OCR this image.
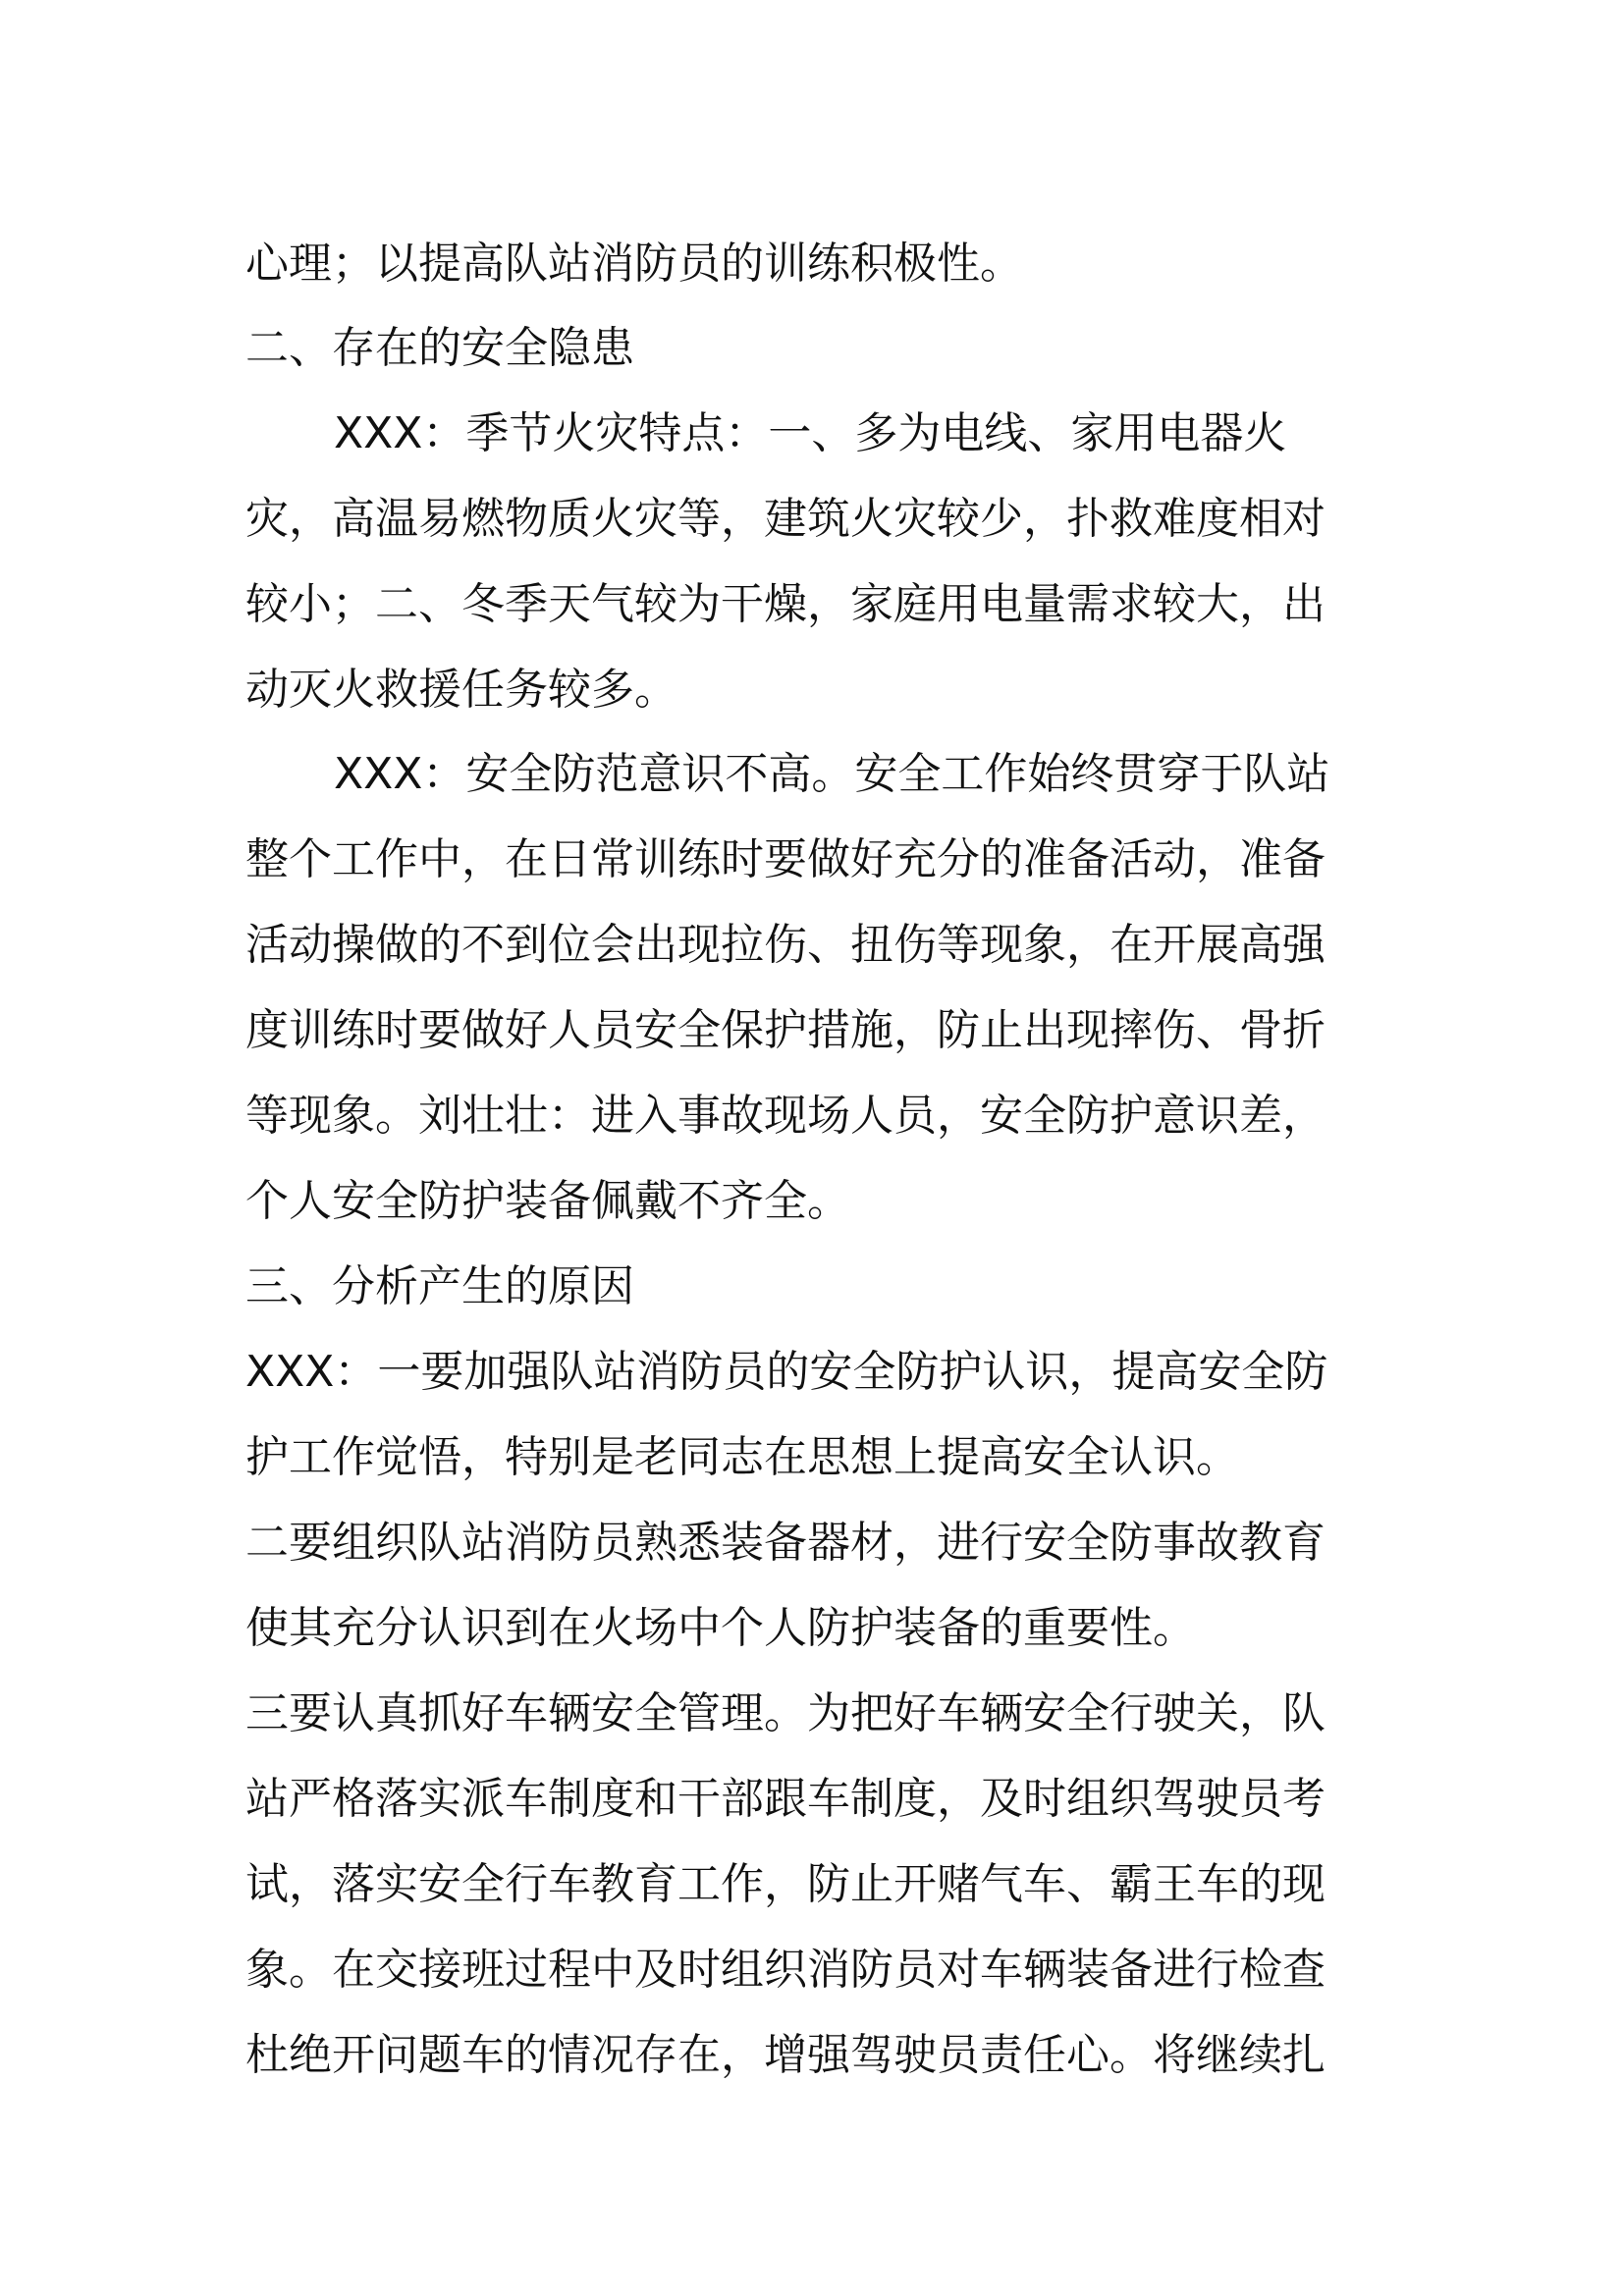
心理；以提高队站消防员的训练积极性。
二、存在的安全隐患
XXX：季节火灾特点：一、多为电线、家用电器火
灾，高温易燃物质火灾等，建筑火灾较少，扑救难度相对
较小；二、冬季天气较为干燥，家庭用电量需求较大，出
动灭火救援任务较多。
XXX：安全防范意识不高。安全工作始终贯穿于队站
整个工作中，在日常训练时要做好充分的准备活动，准备
活动操做的不到位会出现拉伤、扭伤等现象，在开展高强
度训练时要做好人员安全保护措施，防止出现摔伤、骨折
等现象。刘壮壮：进入事故现场人员，安全防护意识差，
个人安全防护装备佩戴不齐全。
三、分析产生的原因
XXX：一要加强队站消防员的安全防护认识，提高安全防
护工作觉悟，特别是老同志在思想上提高安全认识。
二要组织队站消防员熟悉装备器材，进行安全防事故教育
使其充分认识到在火场中个人防护装备的重要性。
三要认真抓好车辆安全管理。为把好车辆安全行驶关，队
站严格落实派车制度和干部跟车制度，及时组织驾驶员考
试，落实安全行车教育工作，防止开赌气车、霸王车的现
象。在交接班过程中及时组织消防员对车辆装备进行检查
杜绝开问题车的情况存在，增强驾驶员责任心。将继续扎
